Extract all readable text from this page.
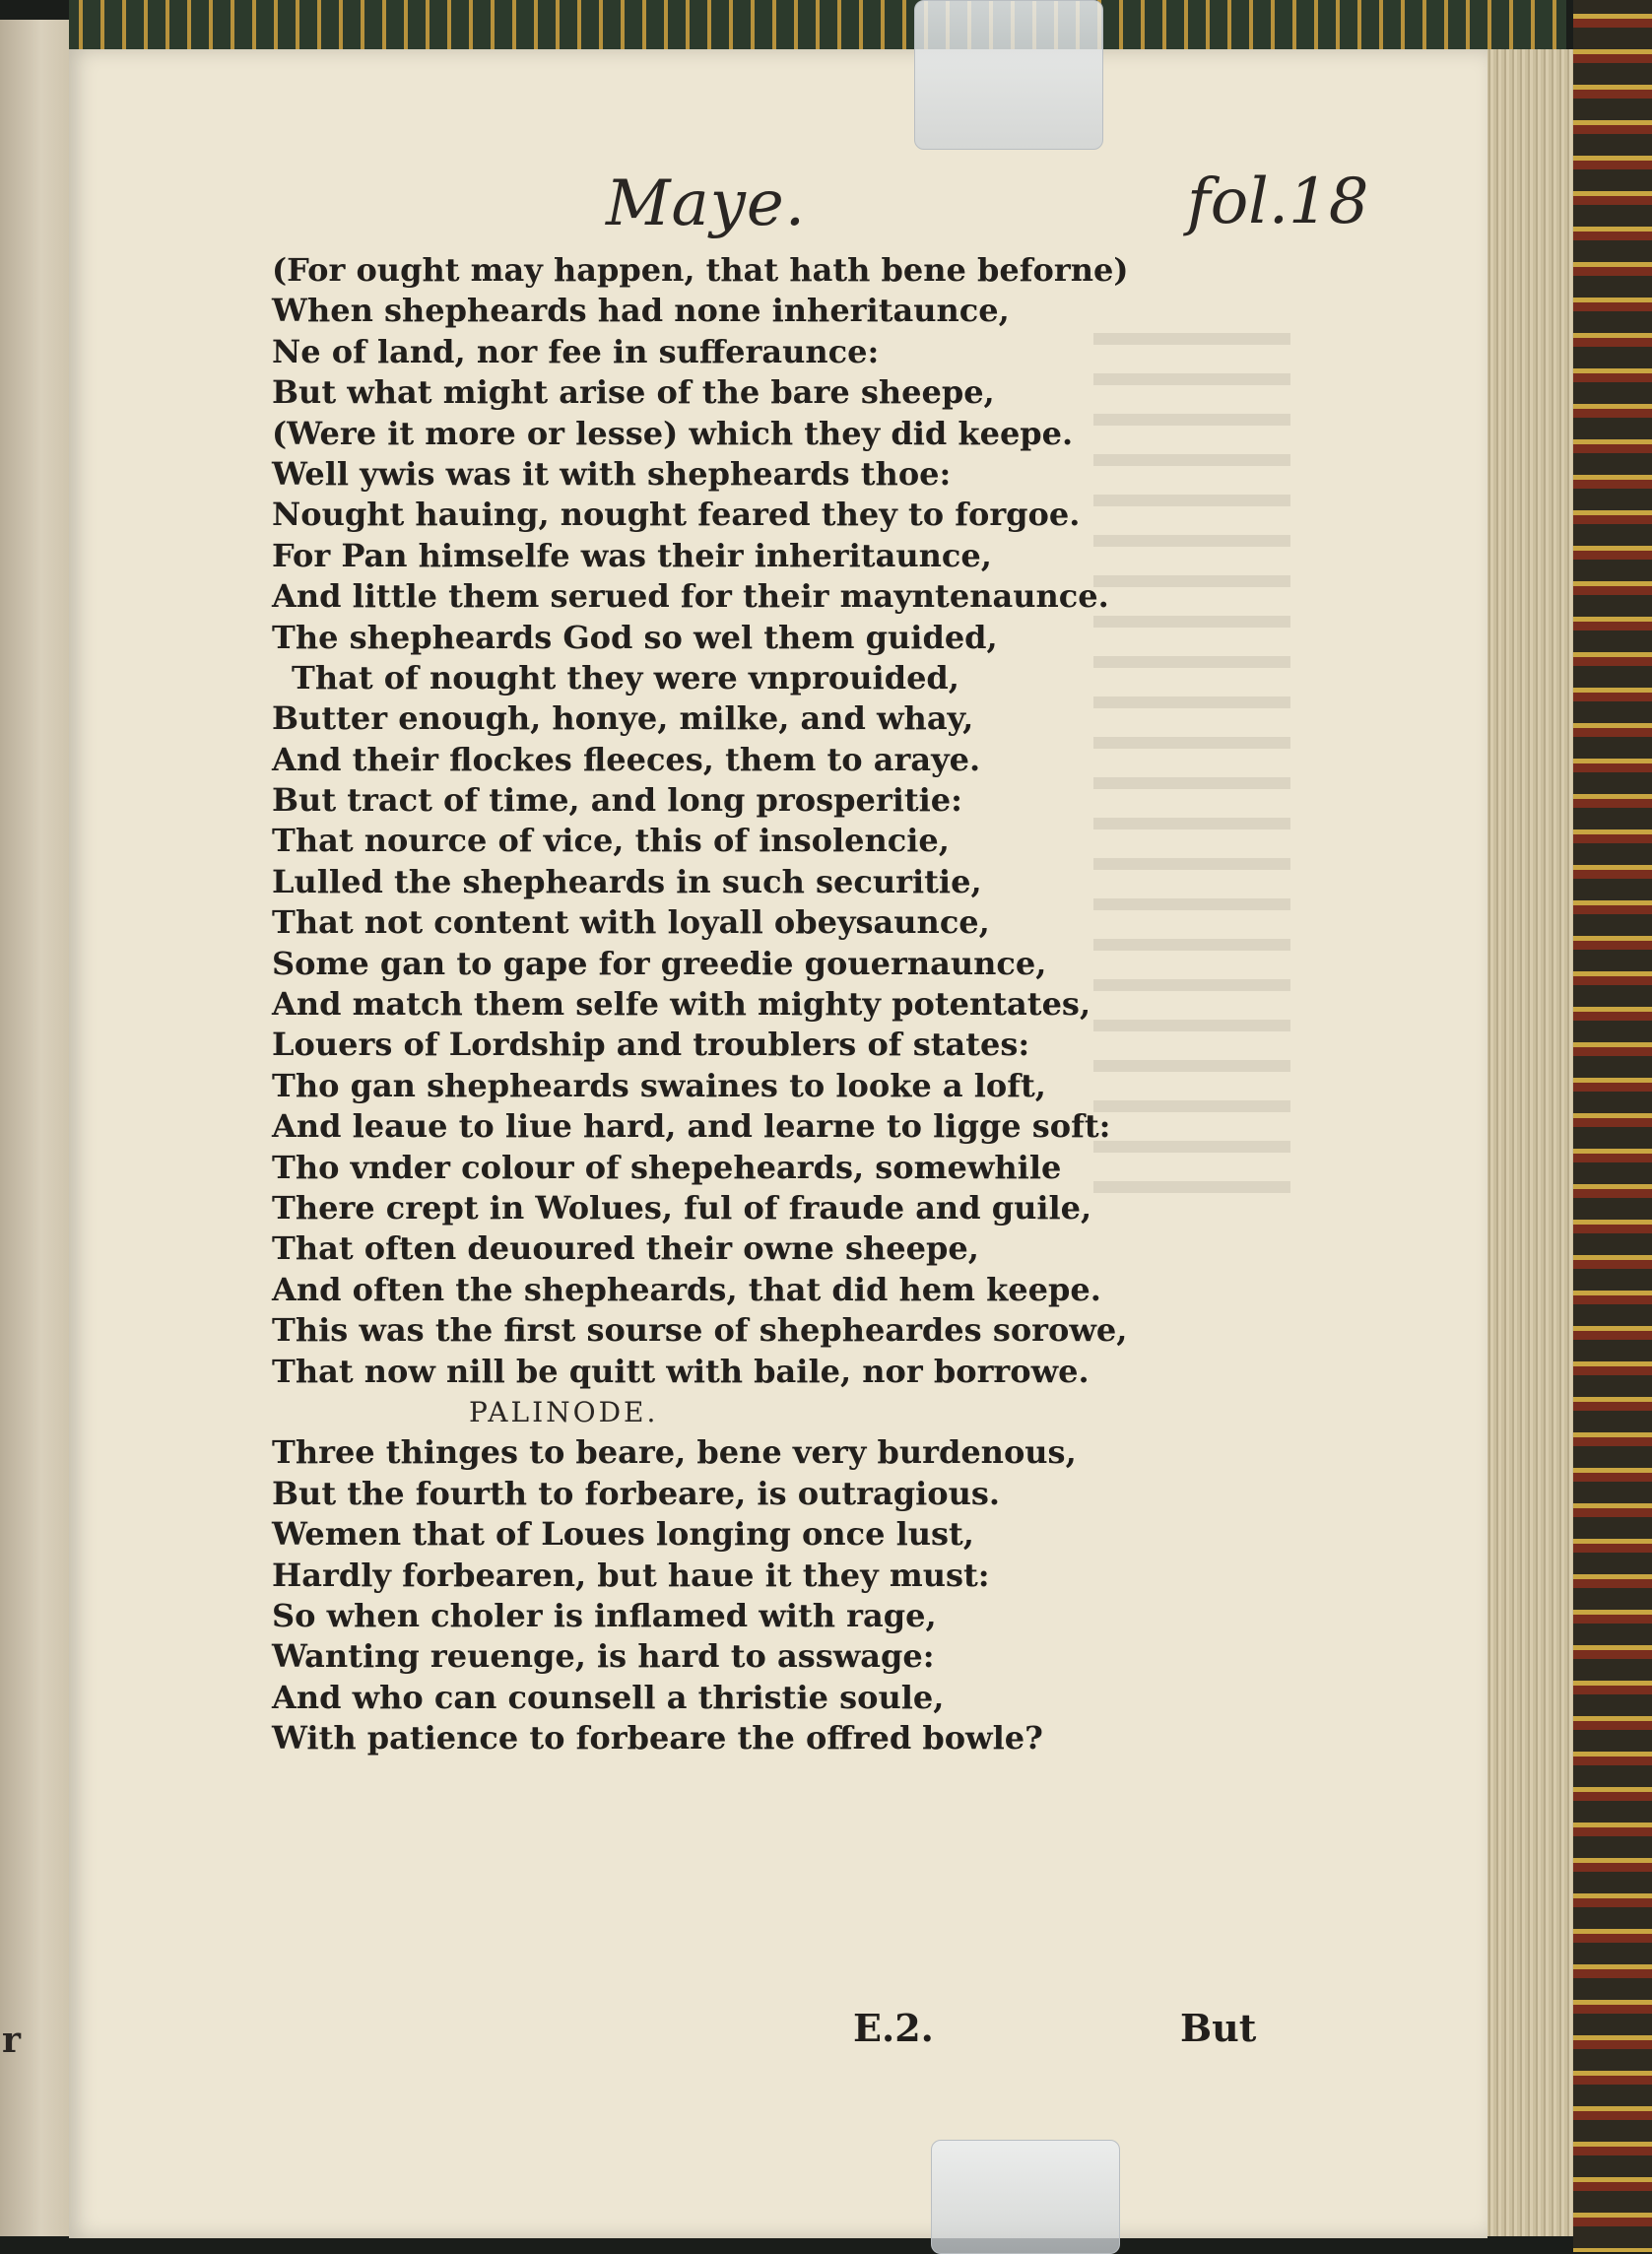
r
Maye.	fol.18
(For ought may happen, that hath bene beforne)
When shepheards had none inheritaunce,
Ne of land, nor fee in sufferaunce:
But what might arise of the bare sheepe,
(Were it more or lesse) which they did keepe.
Well ywis was it with shepheards thoe:
Nought hauing, nought feared they to forgoe.
For Pan himselfe was their inheritaunce,
And little them serued for their mayntenaunce.
The shepheards God so wel them guided,
That of nought they were vnprouided,
Butter enough, honye, milke, and whay,
And their flockes fleeces, them to araye.
But tract of time, and long prosperitie:
That nource of vice, this of insolencie,
Lulled the shepheards in such securitie,
That not content with loyall obeysaunce,
Some gan to gape for greedie gouernaunce,
And match them selfe with mighty potentates,
Louers of Lordship and troublers of states:
Tho gan shepheards swaines to looke a loft,
And leaue to liue hard, and learne to ligge soft:
Tho vnder colour of shepeheards, somewhile
There crept in Wolues, ful of fraude and guile,
That often deuoured their owne sheepe,
And often the shepheards, that did hem keepe.
This was the first sourse of shepheardes sorowe,
That now nill be quitt with baile, nor borrowe.
PALINODE.
Three thinges to beare, bene very burdenous,
But the fourth to forbeare, is outragious.
Wemen that of Loues longing once lust,
Hardly forbearen, but haue it they must:
So when choler is inflamed with rage,
Wanting reuenge, is hard to asswage:
And who can counsell a thristie soule,
With patience to forbeare the offred bowle?
E.2.	But
